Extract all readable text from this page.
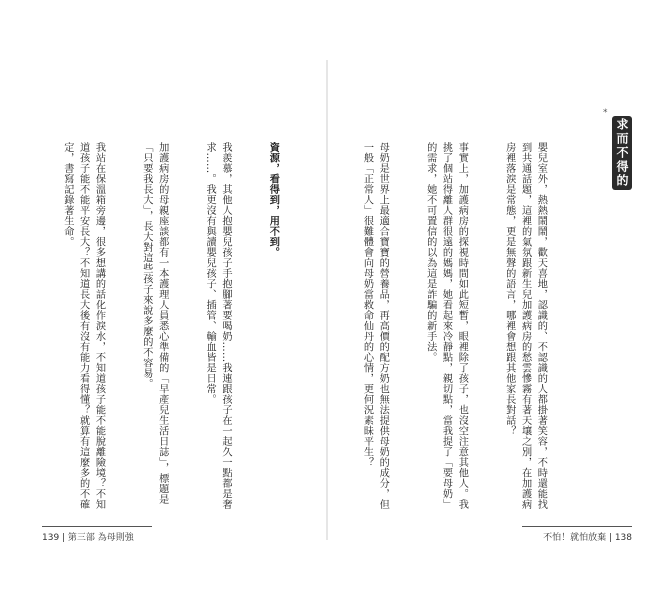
*
求而不得的母奶

嬰兒室外，熱熱鬧鬧，歡天喜地，認識的、不認識的人都掛著笑容，不時還能找到共通話題，這裡的氣氛跟新生兒加護病房的愁雲慘霧有著天壤之別，在加護病房裡落淚是常態，更是無聲的語言，哪裡會想跟其他家長對話？

事實上，加護病房的探視時間如此短暫，眼裡除了孩子，也沒空注意其他人。我挑了個站得離人群很遠的媽媽，她看起來冷靜點，親切點，當我提了「要母奶」的需求，她不可置信的以為這是詐騙的新手法。

母奶是世界上最適合寶寶的營養品，再高價的配方奶也無法提供母奶的成分，但一般「正常人」很難體會向母奶當救命仙丹的心情，更何況素昧平生？

資源，看得到，用不到。

我羨慕，其他人抱嬰兒孩子手抱腳著要喝奶……我連跟孩子在一起久一點都是奢求……。我更沒有與讀嬰兒孩子、插管、輸血皆是日常。

加護病房的母親座談都有一本護理人員悉心準備的「早產兒生活日誌」，標題是「只要我長大」，長大對這些孩子來說多麼的不容易。

我站在保溫箱旁邊，很多想講的話化作淚水，不知道孩子能不能脫離險境？不知道孩子能不能平安長大？不知道長大後有沒有能力看得懂？就算有這麼多的不確定，書寫記錄著生命。

139 | 第三部 為母則強	不怕！就怕放棄 | 138
